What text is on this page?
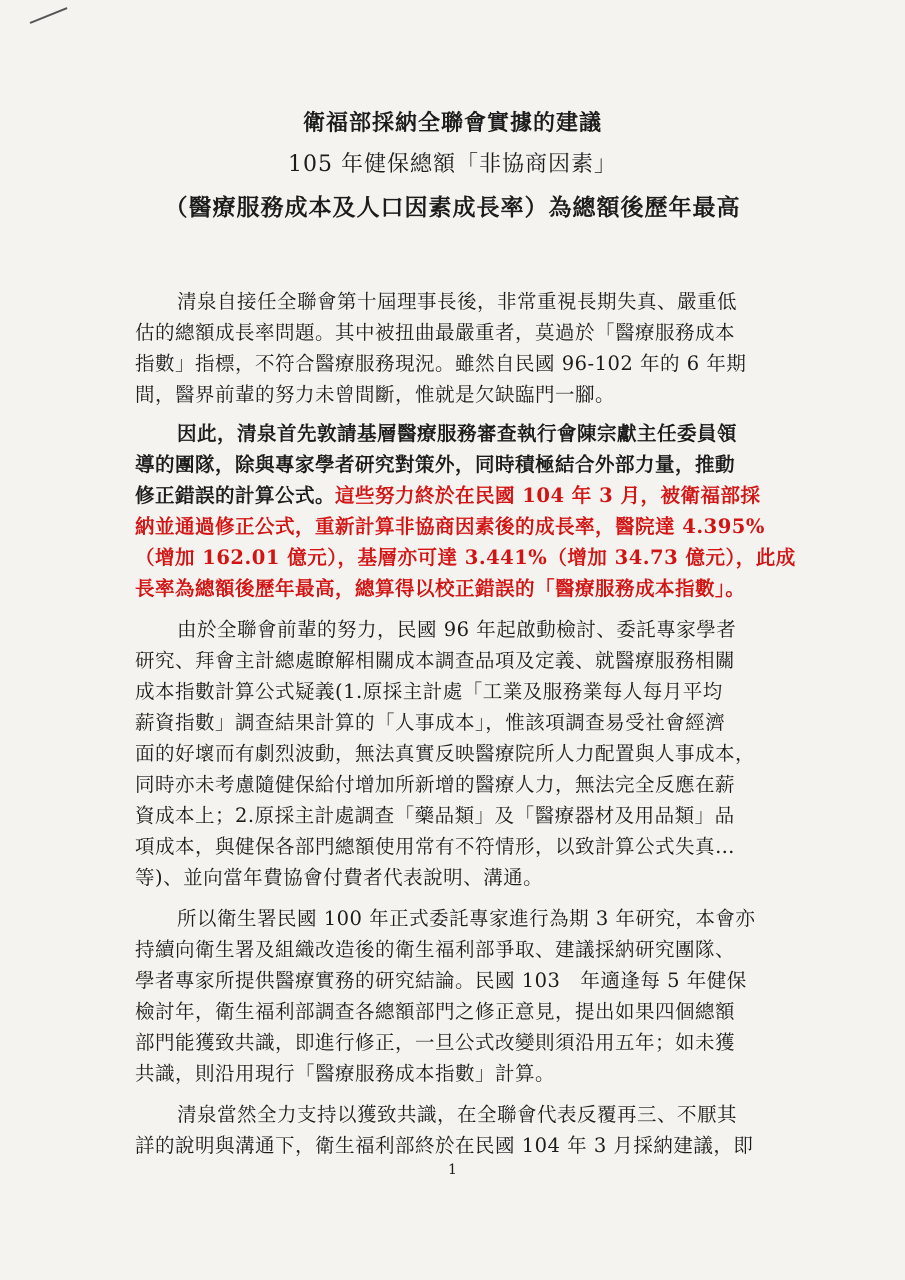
衛福部採納全聯會實據的建議
105 年健保總額「非協商因素」
（醫療服務成本及人口因素成長率）為總額後歷年最高
清泉自接任全聯會第十屆理事長後，非常重視長期失真、嚴重低
估的總額成長率問題。其中被扭曲最嚴重者，莫過於「醫療服務成本
指數」指標，不符合醫療服務現況。雖然自民國 96-102 年的 6 年期
間，醫界前輩的努力未曾間斷，惟就是欠缺臨門一腳。
因此，清泉首先敦請基層醫療服務審查執行會陳宗獻主任委員領
導的團隊，除與專家學者研究對策外，同時積極結合外部力量，推動
修正錯誤的計算公式。這些努力終於在民國 104 年 3 月，被衛福部採
納並通過修正公式，重新計算非協商因素後的成長率，醫院達 4.395%
（增加 162.01 億元），基層亦可達 3.441%（增加 34.73 億元），此成
長率為總額後歷年最高，總算得以校正錯誤的「醫療服務成本指數」。
由於全聯會前輩的努力，民國 96 年起啟動檢討、委託專家學者
研究、拜會主計總處瞭解相關成本調查品項及定義、就醫療服務相關
成本指數計算公式疑義(1.原採主計處「工業及服務業每人每月平均
薪資指數」調查結果計算的「人事成本」，惟該項調查易受社會經濟
面的好壞而有劇烈波動，無法真實反映醫療院所人力配置與人事成本，
同時亦未考慮隨健保給付增加所新增的醫療人力，無法完全反應在薪
資成本上；2.原採主計處調查「藥品類」及「醫療器材及用品類」品
項成本，與健保各部門總額使用常有不符情形，以致計算公式失真…
等)、並向當年費協會付費者代表說明、溝通。
所以衛生署民國 100 年正式委託專家進行為期 3 年研究，本會亦
持續向衛生署及組織改造後的衛生福利部爭取、建議採納研究團隊、
學者專家所提供醫療實務的研究結論。民國 103　年適逢每 5 年健保
檢討年，衛生福利部調查各總額部門之修正意見，提出如果四個總額
部門能獲致共識，即進行修正，一旦公式改變則須沿用五年；如未獲
共識，則沿用現行「醫療服務成本指數」計算。
清泉當然全力支持以獲致共識，在全聯會代表反覆再三、不厭其
詳的說明與溝通下，衛生福利部終於在民國 104 年 3 月採納建議，即
1
